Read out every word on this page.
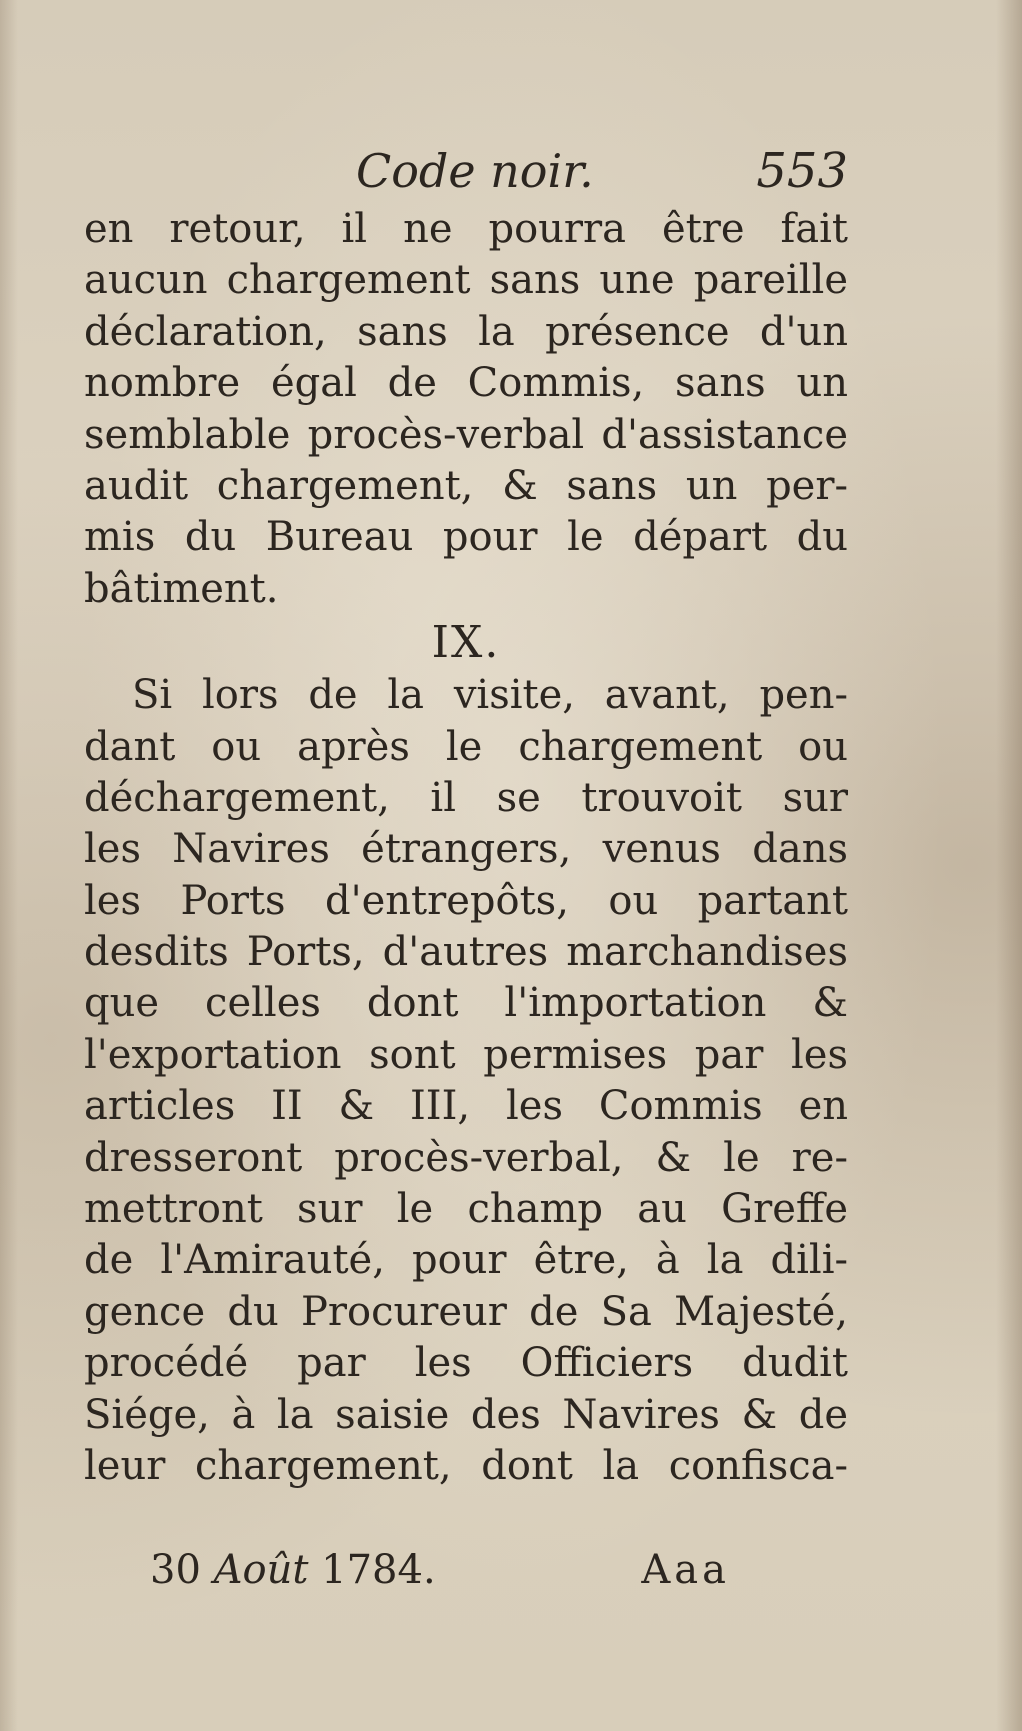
Code noir.	553
en retour, il ne pourra être fait
aucun chargement sans une pareille
déclaration, sans la présence d'un
nombre égal de Commis, sans un
semblable procès-verbal d'assistance
audit chargement, & sans un per-
mis du Bureau pour le départ du
bâtiment.
IX.
Si lors de la visite, avant, pen-
dant ou après le chargement ou
déchargement, il se trouvoit sur
les Navires étrangers, venus dans
les Ports d'entrepôts, ou partant
desdits Ports, d'autres marchandises
que celles dont l'importation &
l'exportation sont permises par les
articles II & III, les Commis en
dresseront procès-verbal, & le re-
mettront sur le champ au Greffe
de l'Amirauté, pour être, à la dili-
gence du Procureur de Sa Majesté,
procédé par les Officiers dudit
Siége, à la saisie des Navires & de
leur chargement, dont la confisca-
30 Août 1784.	Aaa
